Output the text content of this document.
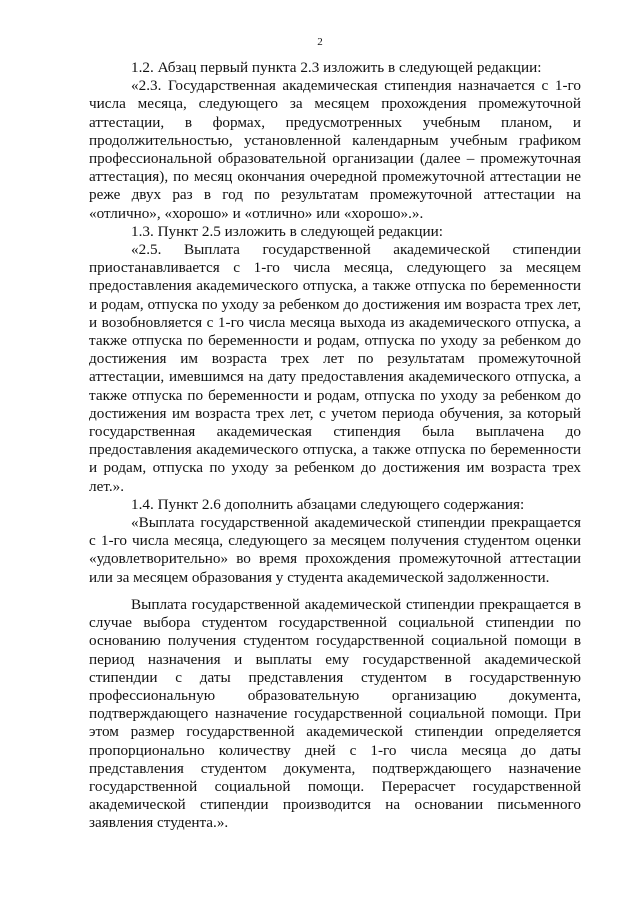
2

1.2. Абзац первый пункта 2.3 изложить в следующей редакции:

«2.3. Государственная академическая стипендия назначается с 1-го числа месяца, следующего за месяцем прохождения промежуточной аттестации, в формах, предусмотренных учебным планом, и продолжительностью, установленной календарным учебным графиком профессиональной образовательной организации (далее – промежуточная аттестация), по месяц окончания очередной промежуточной аттестации не реже двух раз в год по результатам промежуточной аттестации на «отлично», «хорошо» и «отлично» или «хорошо».».

1.3. Пункт 2.5 изложить в следующей редакции:

«2.5. Выплата государственной академической стипендии приостанавливается с 1-го числа месяца, следующего за месяцем предоставления академического отпуска, а также отпуска по беременности и родам, отпуска по уходу за ребенком до достижения им возраста трех лет, и возобновляется с 1-го числа месяца выхода из академического отпуска, а также отпуска по беременности и родам, отпуска по уходу за ребенком до достижения им возраста трех лет по результатам промежуточной аттестации, имевшимся на дату предоставления академического отпуска, а также отпуска по беременности и родам, отпуска по уходу за ребенком до достижения им возраста трех лет, с учетом периода обучения, за который государственная академическая стипендия была выплачена до предоставления академического отпуска, а также отпуска по беременности и родам, отпуска по уходу за ребенком до достижения им возраста трех лет.».

1.4. Пункт 2.6 дополнить абзацами следующего содержания:

«Выплата государственной академической стипендии прекращается с 1-го числа месяца, следующего за месяцем получения студентом оценки «удовлетворительно» во время прохождения промежуточной аттестации или за месяцем образования у студента академической задолженности.

Выплата государственной академической стипендии прекращается в случае выбора студентом государственной социальной стипендии по основанию получения студентом государственной социальной помощи в период назначения и выплаты ему государственной академической стипендии с даты представления студентом в государственную профессиональную образовательную организацию документа, подтверждающего назначение государственной социальной помощи. При этом размер государственной академической стипендии определяется пропорционально количеству дней с 1-го числа месяца до даты представления студентом документа, подтверждающего назначение государственной социальной помощи. Перерасчет государственной академической стипендии производится на основании письменного заявления студента.».
